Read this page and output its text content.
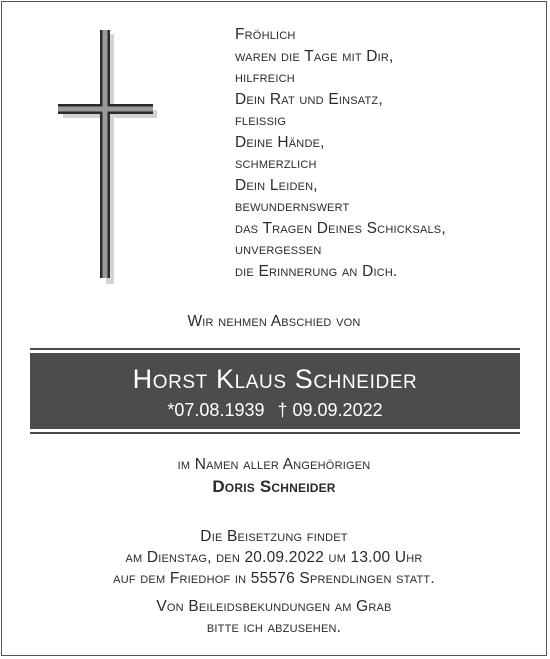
Fröhlich
waren die Tage mit Dir,
hilfreich
Dein Rat und Einsatz,
fleissig
Deine Hände,
schmerzlich
Dein Leiden,
bewundernswert
das Tragen Deines Schicksals,
unvergessen
die Erinnerung an Dich.
Wir nehmen Abschied von
Horst Klaus Schneider
*07.08.1939 † 09.09.2022
im Namen aller Angehörigen
Doris Schneider
Die Beisetzung findet
am Dienstag, den 20.09.2022 um 13.00 Uhr
auf dem Friedhof in 55576 Sprendlingen statt.
Von Beileidsbekundungen am Grab
bitte ich abzusehen.
